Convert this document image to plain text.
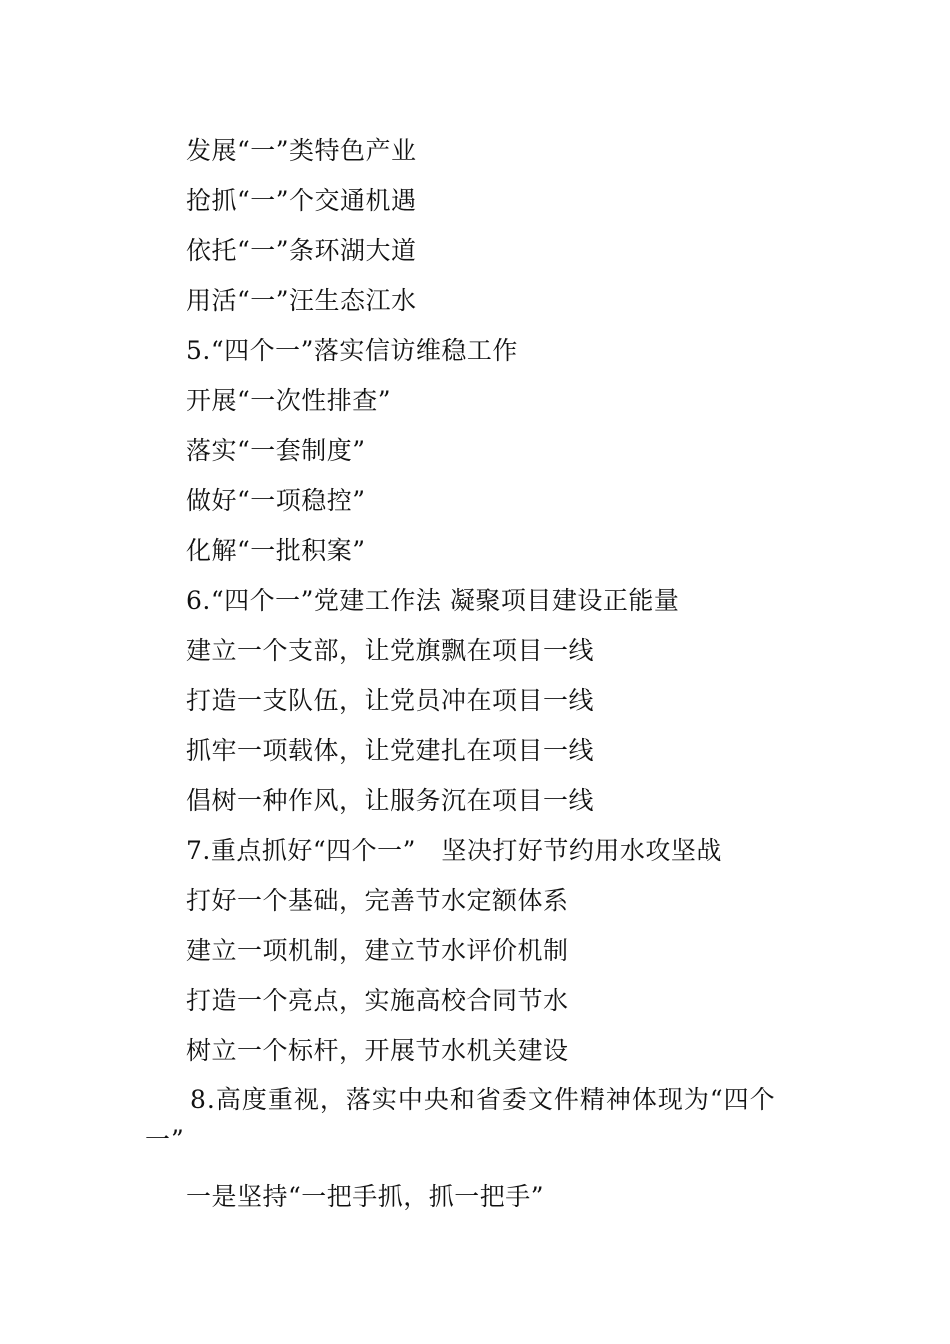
发展“一”类特色产业
抢抓“一”个交通机遇
依托“一”条环湖大道
用活“一”汪生态江水
5.“四个一”落实信访维稳工作
开展“一次性排查”
落实“一套制度”
做好“一项稳控”
化解“一批积案”
6.“四个一”党建工作法 凝聚项目建设正能量
建立一个支部，让党旗飘在项目一线
打造一支队伍，让党员冲在项目一线
抓牢一项载体，让党建扎在项目一线
倡树一种作风，让服务沉在项目一线
7.重点抓好“四个一”　坚决打好节约用水攻坚战
打好一个基础，完善节水定额体系
建立一项机制，建立节水评价机制
打造一个亮点，实施高校合同节水
树立一个标杆，开展节水机关建设
8.高度重视，落实中央和省委文件精神体现为“四个一”
一是坚持“一把手抓，抓一把手”
